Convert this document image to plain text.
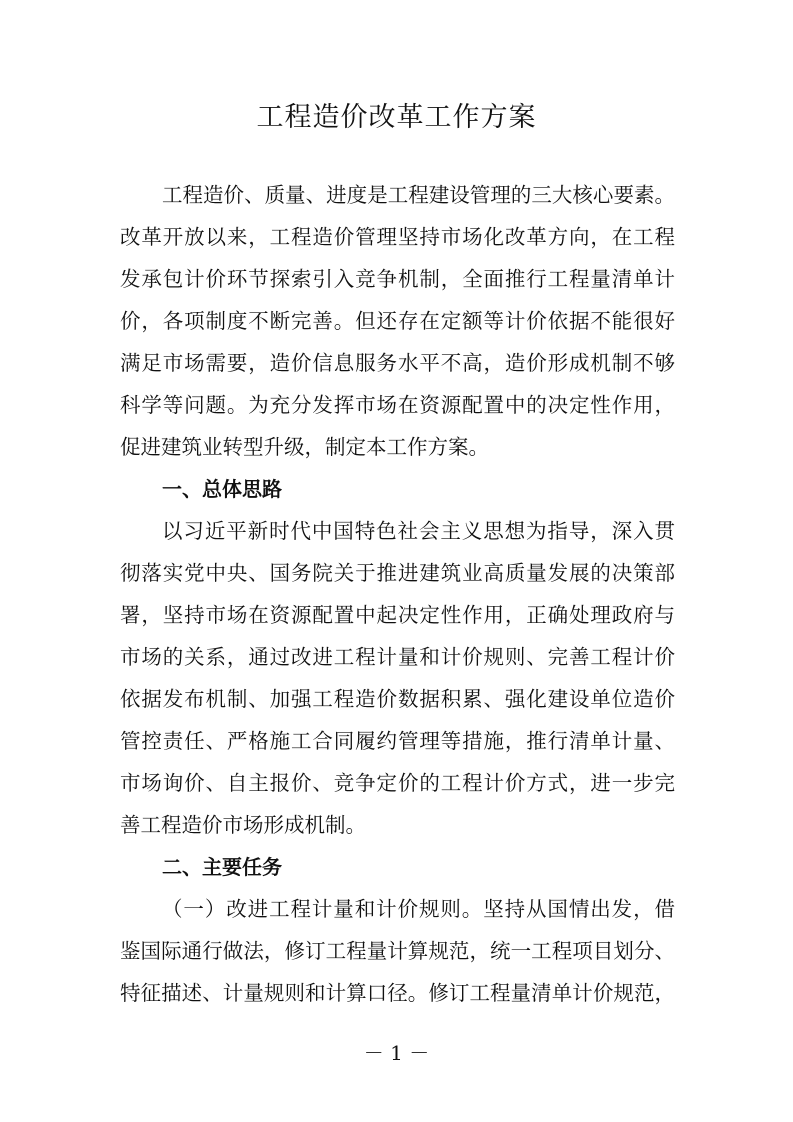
工程造价改革工作方案
工程造价、质量、进度是工程建设管理的三大核心要素。
改革开放以来，工程造价管理坚持市场化改革方向，在工程
发承包计价环节探索引入竞争机制，全面推行工程量清单计
价，各项制度不断完善。但还存在定额等计价依据不能很好
满足市场需要，造价信息服务水平不高，造价形成机制不够
科学等问题。为充分发挥市场在资源配置中的决定性作用，
促进建筑业转型升级，制定本工作方案。
一、总体思路
以习近平新时代中国特色社会主义思想为指导，深入贯
彻落实党中央、国务院关于推进建筑业高质量发展的决策部
署，坚持市场在资源配置中起决定性作用，正确处理政府与
市场的关系，通过改进工程计量和计价规则、完善工程计价
依据发布机制、加强工程造价数据积累、强化建设单位造价
管控责任、严格施工合同履约管理等措施，推行清单计量、
市场询价、自主报价、竞争定价的工程计价方式，进一步完
善工程造价市场形成机制。
二、主要任务
（一）改进工程计量和计价规则。坚持从国情出发，借
鉴国际通行做法，修订工程量计算规范，统一工程项目划分、
特征描述、计量规则和计算口径。修订工程量清单计价规范，
－ 1 －
